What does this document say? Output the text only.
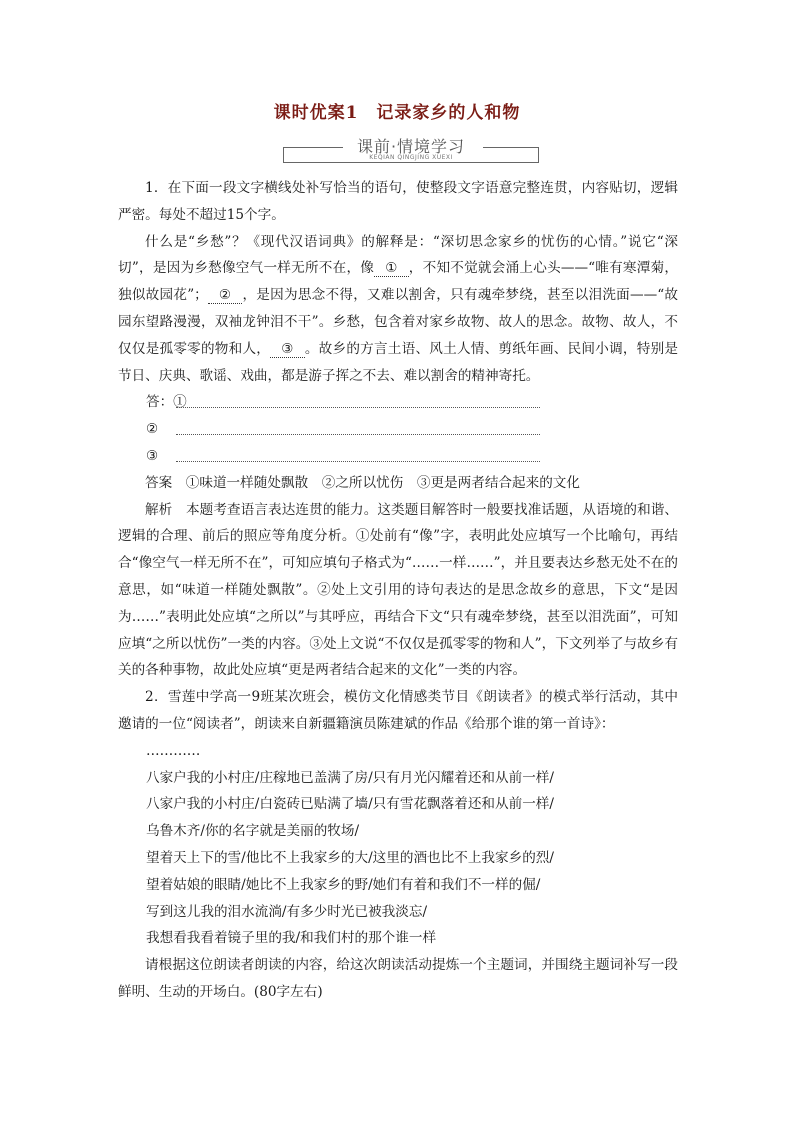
课时优案1　记录家乡的人和物
课前·情境学习
KEQIAN QINGJING XUEXI

1．在下面一段文字横线处补写恰当的语句，使整段文字语意完整连贯，内容贴切，逻辑严密。每处不超过15个字。

什么是“乡愁”？《现代汉语词典》的解释是：“深切思念家乡的忧伤的心情。”说它“深切”，是因为乡愁像空气一样无所不在，像 ① ，不知不觉就会涌上心头——“唯有寒潭菊，独似故园花”； ② ，是因为思念不得，又难以割舍，只有魂牵梦绕，甚至以泪洗面——“故园东望路漫漫，双袖龙钟泪不干”。乡愁，包含着对家乡故物、故人的思念。故物、故人，不仅仅是孤零零的物和人， ③ 。故乡的方言土语、风土人情、剪纸年画、民间小调，特别是节日、庆典、歌谣、戏曲，都是游子挥之不去、难以割舍的精神寄托。

答：①
②
③

答案　①味道一样随处飘散　②之所以忧伤　③更是两者结合起来的文化

解析　本题考查语言表达连贯的能力。这类题目解答时一般要找准话题，从语境的和谐、逻辑的合理、前后的照应等角度分析。①处前有“像”字，表明此处应填写一个比喻句，再结合“像空气一样无所不在”，可知应填句子格式为“……一样……”，并且要表达乡愁无处不在的意思，如“味道一样随处飘散”。②处上文引用的诗句表达的是思念故乡的意思，下文“是因为……”表明此处应填“之所以”与其呼应，再结合下文“只有魂牵梦绕，甚至以泪洗面”，可知应填“之所以忧伤”一类的内容。③处上文说“不仅仅是孤零零的物和人”，下文列举了与故乡有关的各种事物，故此处应填“更是两者结合起来的文化”一类的内容。

2．雪莲中学高一9班某次班会，模仿文化情感类节目《朗读者》的模式举行活动，其中邀请的一位“阅读者”，朗读来自新疆籍演员陈建斌的作品《给那个谁的第一首诗》：

…………

八家户我的小村庄/庄稼地已盖满了房/只有月光闪耀着还和从前一样/

八家户我的小村庄/白瓷砖已贴满了墙/只有雪花飘落着还和从前一样/

乌鲁木齐/你的名字就是美丽的牧场/

望着天上下的雪/他比不上我家乡的大/这里的酒也比不上我家乡的烈/

望着姑娘的眼睛/她比不上我家乡的野/她们有着和我们不一样的倔/

写到这儿我的泪水流淌/有多少时光已被我淡忘/

我想看我看着镜子里的我/和我们村的那个谁一样

请根据这位朗读者朗读的内容，给这次朗读活动提炼一个主题词，并围绕主题词补写一段鲜明、生动的开场白。(80字左右)
